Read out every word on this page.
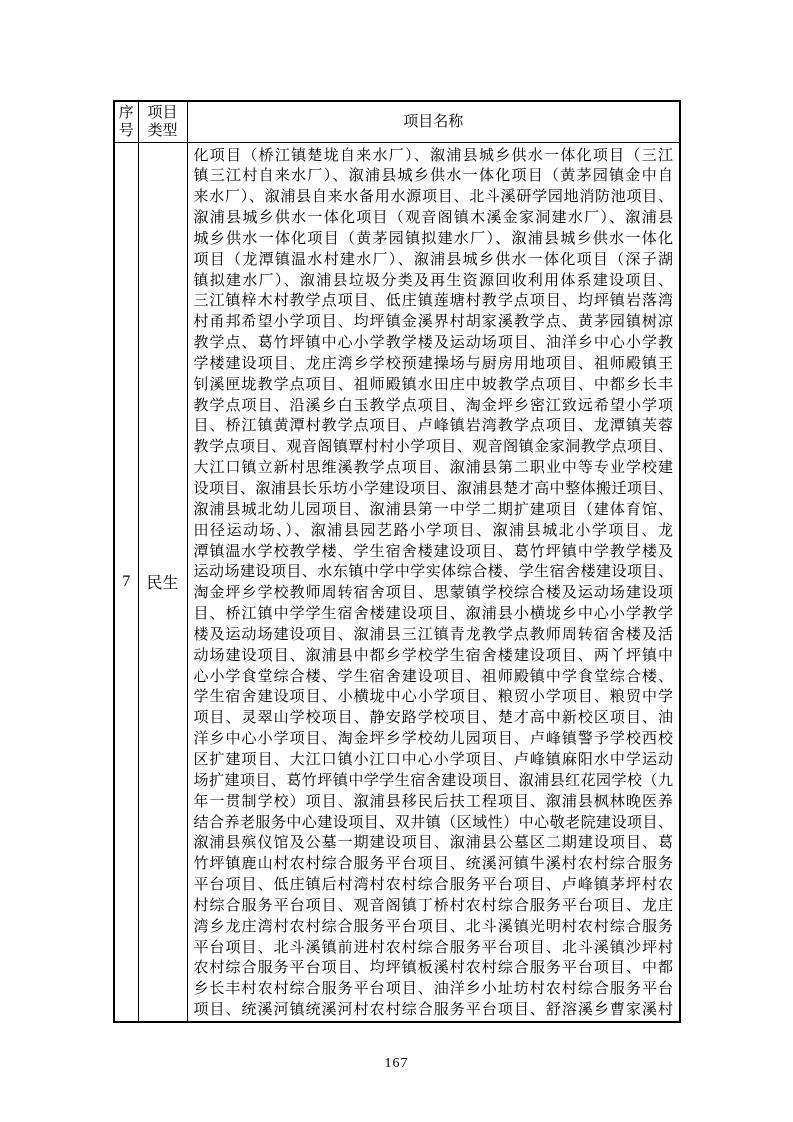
序号	项目类型	项目名称
7	民生	
化项目（桥江镇楚垅自来水厂）、溆浦县城乡供水一体化项目（三江
镇三江村自来水厂）、溆浦县城乡供水一体化项目（黄茅园镇金中自
来水厂）、溆浦县自来水备用水源项目、北斗溪研学园地消防池项目、
溆浦县城乡供水一体化项目（观音阁镇木溪金家洞建水厂）、溆浦县
城乡供水一体化项目（黄茅园镇拟建水厂）、溆浦县城乡供水一体化
项目（龙潭镇温水村建水厂）、溆浦县城乡供水一体化项目（深子湖
镇拟建水厂）、溆浦县垃圾分类及再生资源回收利用体系建设项目、
三江镇梓木村教学点项目、低庄镇莲塘村教学点项目、均坪镇岩落湾
村甬邦希望小学项目、均坪镇金溪界村胡家溪教学点、黄茅园镇树凉
教学点、葛竹坪镇中心小学教学楼及运动场项目、油洋乡中心小学教
学楼建设项目、龙庄湾乡学校预建操场与厨房用地项目、祖师殿镇王
钊溪匣垅教学点项目、祖师殿镇水田庄中坡教学点项目、中都乡长丰
教学点项目、沿溪乡白玉教学点项目、淘金坪乡密江致远希望小学项
目、桥江镇黄潭村教学点项目、卢峰镇岩湾教学点项目、龙潭镇芙蓉
教学点项目、观音阁镇覃村村小学项目、观音阁镇金家洞教学点项目、
大江口镇立新村思维溪教学点项目、溆浦县第二职业中等专业学校建
设项目、溆浦县长乐坊小学建设项目、溆浦县楚才高中整体搬迁项目、
溆浦县城北幼儿园项目、溆浦县第一中学二期扩建项目（建体育馆、
田径运动场、）、溆浦县园艺路小学项目、溆浦县城北小学项目、龙
潭镇温水学校教学楼、学生宿舍楼建设项目、葛竹坪镇中学教学楼及
运动场建设项目、水东镇中学中学实体综合楼、学生宿舍楼建设项目、
淘金坪乡学校教师周转宿舍项目、思蒙镇学校综合楼及运动场建设项
目、桥江镇中学学生宿舍楼建设项目、溆浦县小横垅乡中心小学教学
楼及运动场建设项目、溆浦县三江镇青龙教学点教师周转宿舍楼及活
动场建设项目、溆浦县中都乡学校学生宿舍楼建设项目、两丫坪镇中
心小学食堂综合楼、学生宿舍建设项目、祖师殿镇中学食堂综合楼、
学生宿舍建设项目、小横垅中心小学项目、粮贸小学项目、粮贸中学
项目、灵翠山学校项目、静安路学校项目、楚才高中新校区项目、油
洋乡中心小学项目、淘金坪乡学校幼儿园项目、卢峰镇警予学校西校
区扩建项目、大江口镇小江口中心小学项目、卢峰镇麻阳水中学运动
场扩建项目、葛竹坪镇中学学生宿舍建设项目、溆浦县红花园学校（九
年一贯制学校）项目、溆浦县移民后扶工程项目、溆浦县枫林晚医养
结合养老服务中心建设项目、双井镇（区域性）中心敬老院建设项目、
溆浦县殡仪馆及公墓一期建设项目、溆浦县公墓区二期建设项目、葛
竹坪镇鹿山村农村综合服务平台项目、统溪河镇牛溪村农村综合服务
平台项目、低庄镇后村湾村农村综合服务平台项目、卢峰镇茅坪村农
村综合服务平台项目、观音阁镇丁桥村农村综合服务平台项目、龙庄
湾乡龙庄湾村农村综合服务平台项目、北斗溪镇光明村农村综合服务
平台项目、北斗溪镇前进村农村综合服务平台项目、北斗溪镇沙坪村
农村综合服务平台项目、均坪镇板溪村农村综合服务平台项目、中都
乡长丰村农村综合服务平台项目、油洋乡小址坊村农村综合服务平台
项目、统溪河镇统溪河村农村综合服务平台项目、舒溶溪乡曹家溪村
167
